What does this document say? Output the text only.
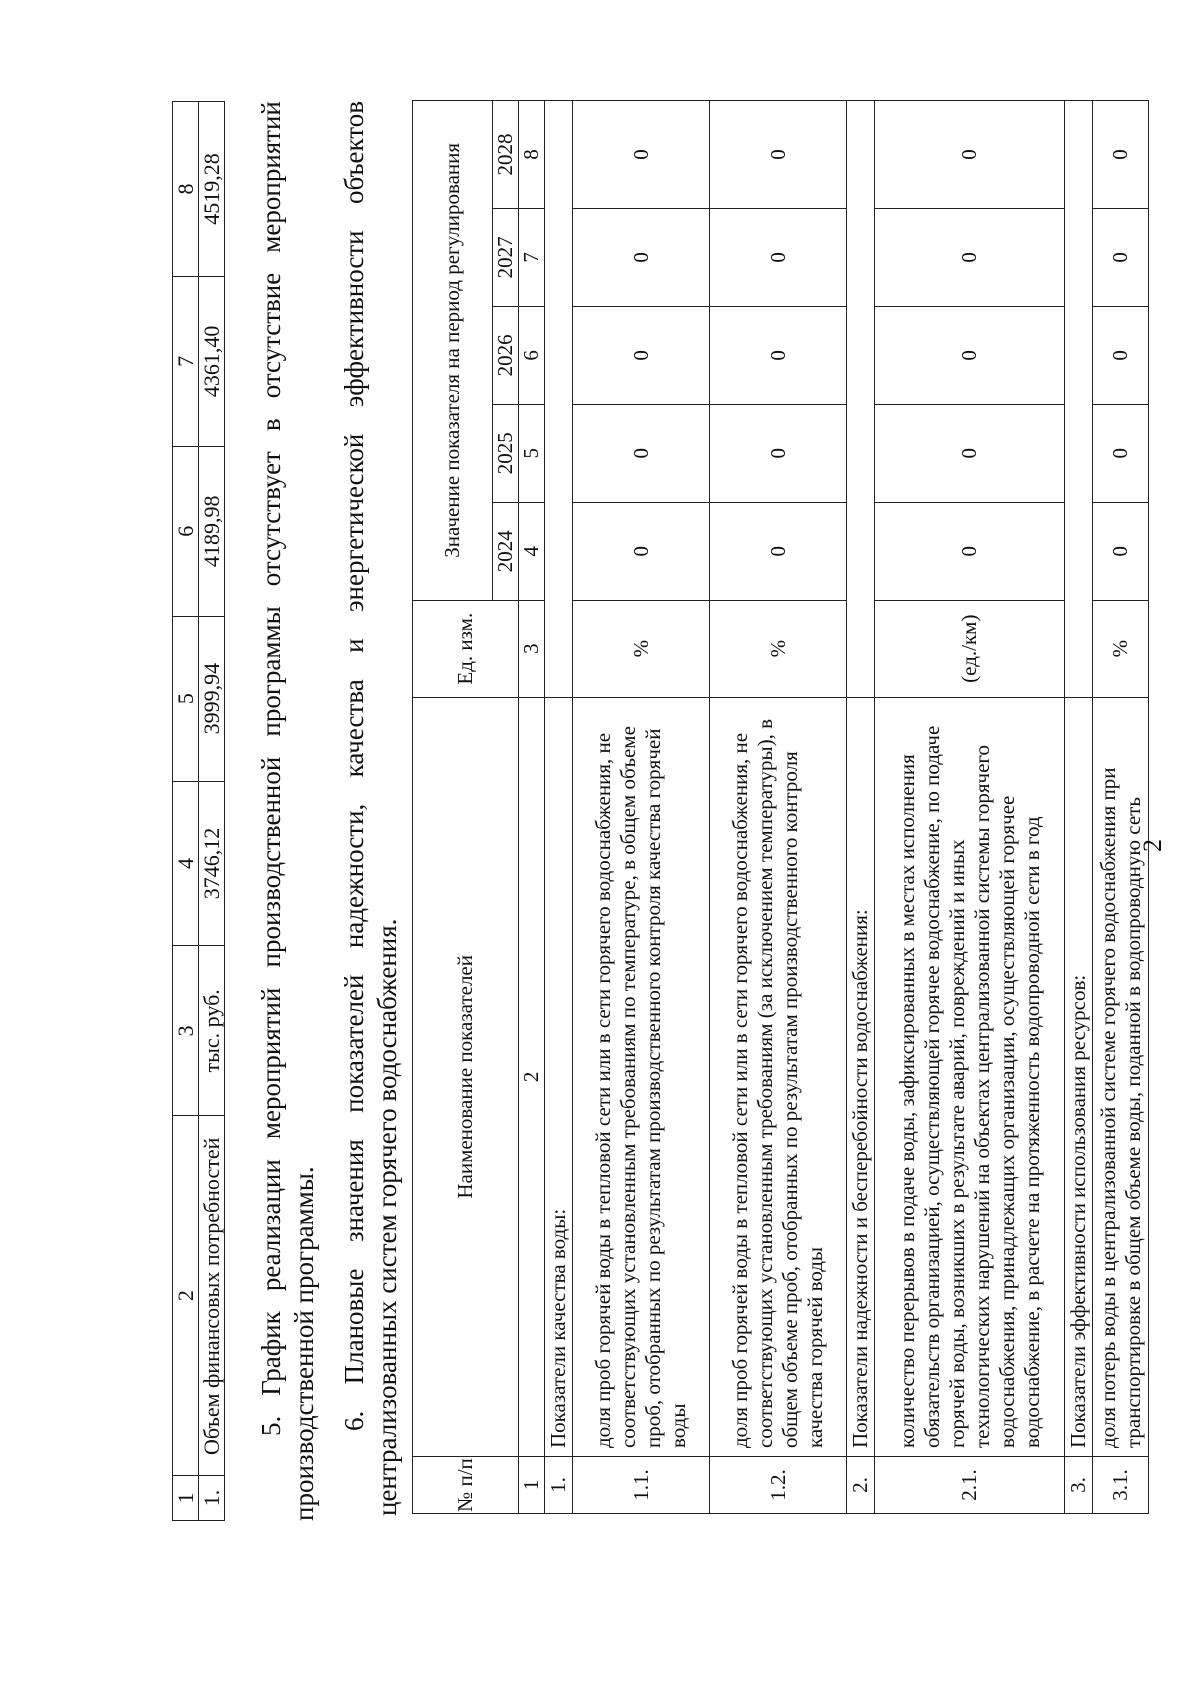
2
1	2	3	4	5	6	7	8
1.	Объем финансовых потребностей	тыс. руб.	3746,12	3999,94	4189,98	4361,40	4519,28
5.
График
реализации
мероприятий
производственной
программы
отсутствует
в
отсутствие
мероприятий
производственной программы. 6.
Плановые
значения
показателей
надежности,
качества
и
энергетической
эффективности
объектов
централизованных систем горячего водоснабжения. № п/п	Наименование показателей	Ед. изм.	Значение показателя на период регулирования				
			2024	2025	2026	2027	2028
1	2	3	4	5	6	7	8
1.	Показатели качества воды:						
1.1.	доля проб горячей воды в тепловой сети или в сети горячего водоснабжения, не соответствующих установленным требованиям по температуре, в общем объеме проб, отобранных по результатам производственного контроля качества горячей воды	%	0	0	0	0	0
1.2.	доля проб горячей воды в тепловой сети или в сети горячего водоснабжения, не соответствующих установленным требованиям (за исключением температуры), в общем объеме проб, отобранных по результатам производственного контроля качества горячей воды	%	0	0	0	0	0
2.	Показатели надежности и бесперебойности водоснабжения:						
2.1.	количество перерывов в подаче воды, зафиксированных в местах исполнения обязательств организацией, осуществляющей горячее водоснабжение, по подаче горячей воды, возникших в результате аварий, повреждений и иных технологических нарушений на объектах централизованной системы горячего водоснабжения, принадлежащих организации, осуществляющей горячее водоснабжение, в расчете на протяженность водопроводной сети в год	(ед./км)	0	0	0	0	0
3.	Показатели эффективности использования ресурсов:						
3.1.	доля потерь воды в централизованной системе горячего водоснабжения при транспортировке в общем объеме воды, поданной в водопроводную сеть	%	0	0	0	0	0
